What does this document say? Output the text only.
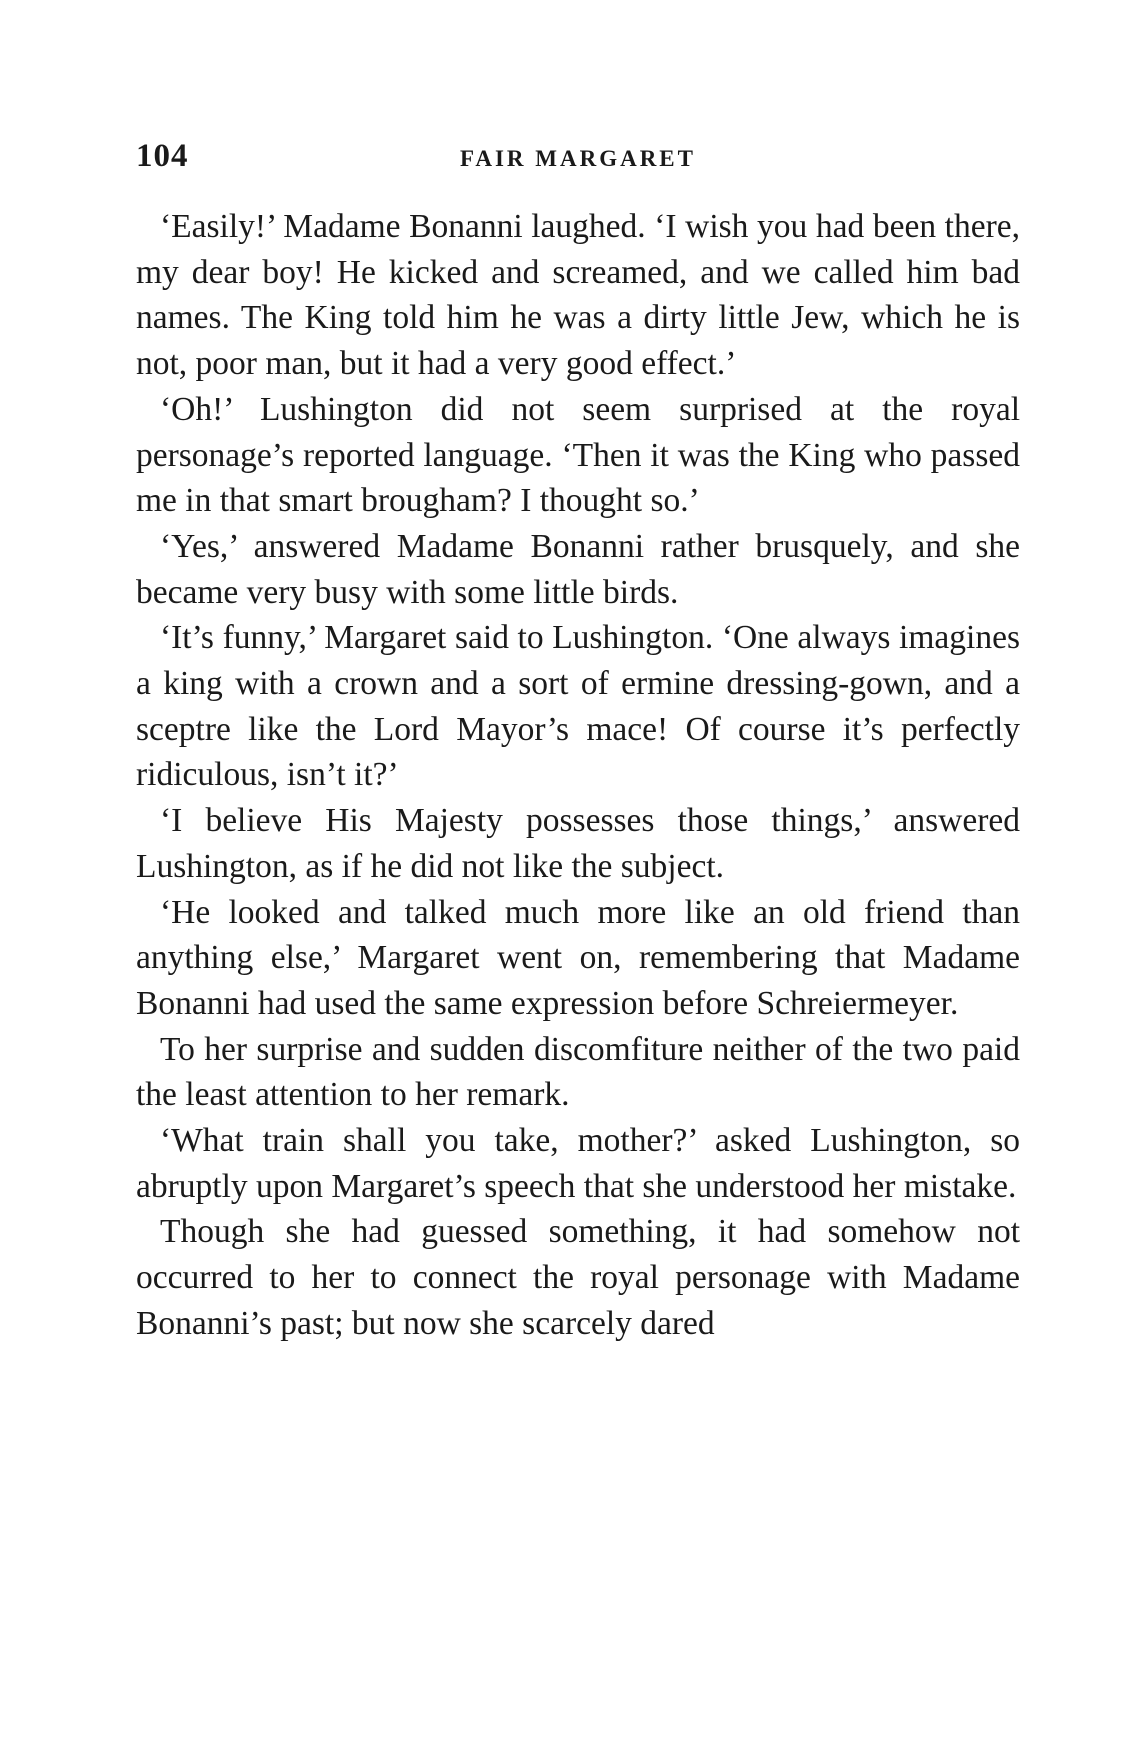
104	FAIR MARGARET

‘Easily!’ Madame Bonanni laughed. ‘I wish you had been there, my dear boy! He kicked and screamed, and we called him bad names. The King told him he was a dirty little Jew, which he is not, poor man, but it had a very good effect.’

‘Oh!’ Lushington did not seem surprised at the royal personage’s reported language. ‘Then it was the King who passed me in that smart brougham? I thought so.’

‘Yes,’ answered Madame Bonanni rather brusquely, and she became very busy with some little birds.

‘It’s funny,’ Margaret said to Lushington. ‘One always imagines a king with a crown and a sort of ermine dressing-gown, and a sceptre like the Lord Mayor’s mace! Of course it’s perfectly ridiculous, isn’t it?’

‘I believe His Majesty possesses those things,’ answered Lushington, as if he did not like the subject.

‘He looked and talked much more like an old friend than anything else,’ Margaret went on, remembering that Madame Bonanni had used the same expression before Schreiermeyer.

To her surprise and sudden discomfiture neither of the two paid the least attention to her remark.

‘What train shall you take, mother?’ asked Lushington, so abruptly upon Margaret’s speech that she understood her mistake.

Though she had guessed something, it had somehow not occurred to her to connect the royal personage with Madame Bonanni’s past; but now she scarcely dared
